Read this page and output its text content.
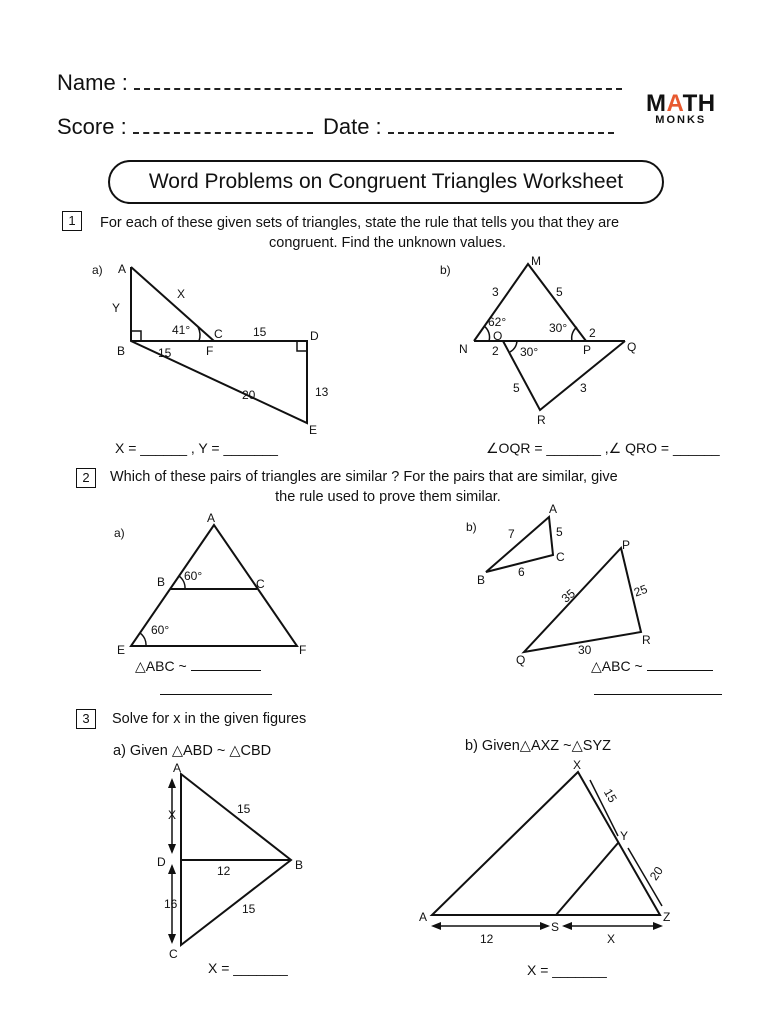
Name :
Score :	Date :
MATH
MONKS
Word Problems on Congruent Triangles Worksheet
1	For each of these given sets of triangles, state the rule that tells you that they are
congruent. Find the unknown values.
a) A
B
C	D
E
F
X
Y
41°	15
15
20	13
b)
M
N
O
P	Q
R
3	5
62°	30° 2
2 30°
5	3
X = ______ , Y = _______	∠OQR = _______ ,∠ QRO = ______
2	Which of these pairs of triangles are similar ? For the pairs that are similar, give
the rule used to prove them similar.
a)
A
B	C
E	F
60°
60°
b)
A
B
C
P
Q
R
7	5
6
35	25
30
△ABC ~	△ABC ~
3	Solve for x in the given figures
a) Given △ABD ~ △CBD	b) Given△AXZ ~△SYZ
A
B
C
D
X	15
12
16	15
X
Y
Z
A
S
15
20
12	X
X = _______	X = _______
